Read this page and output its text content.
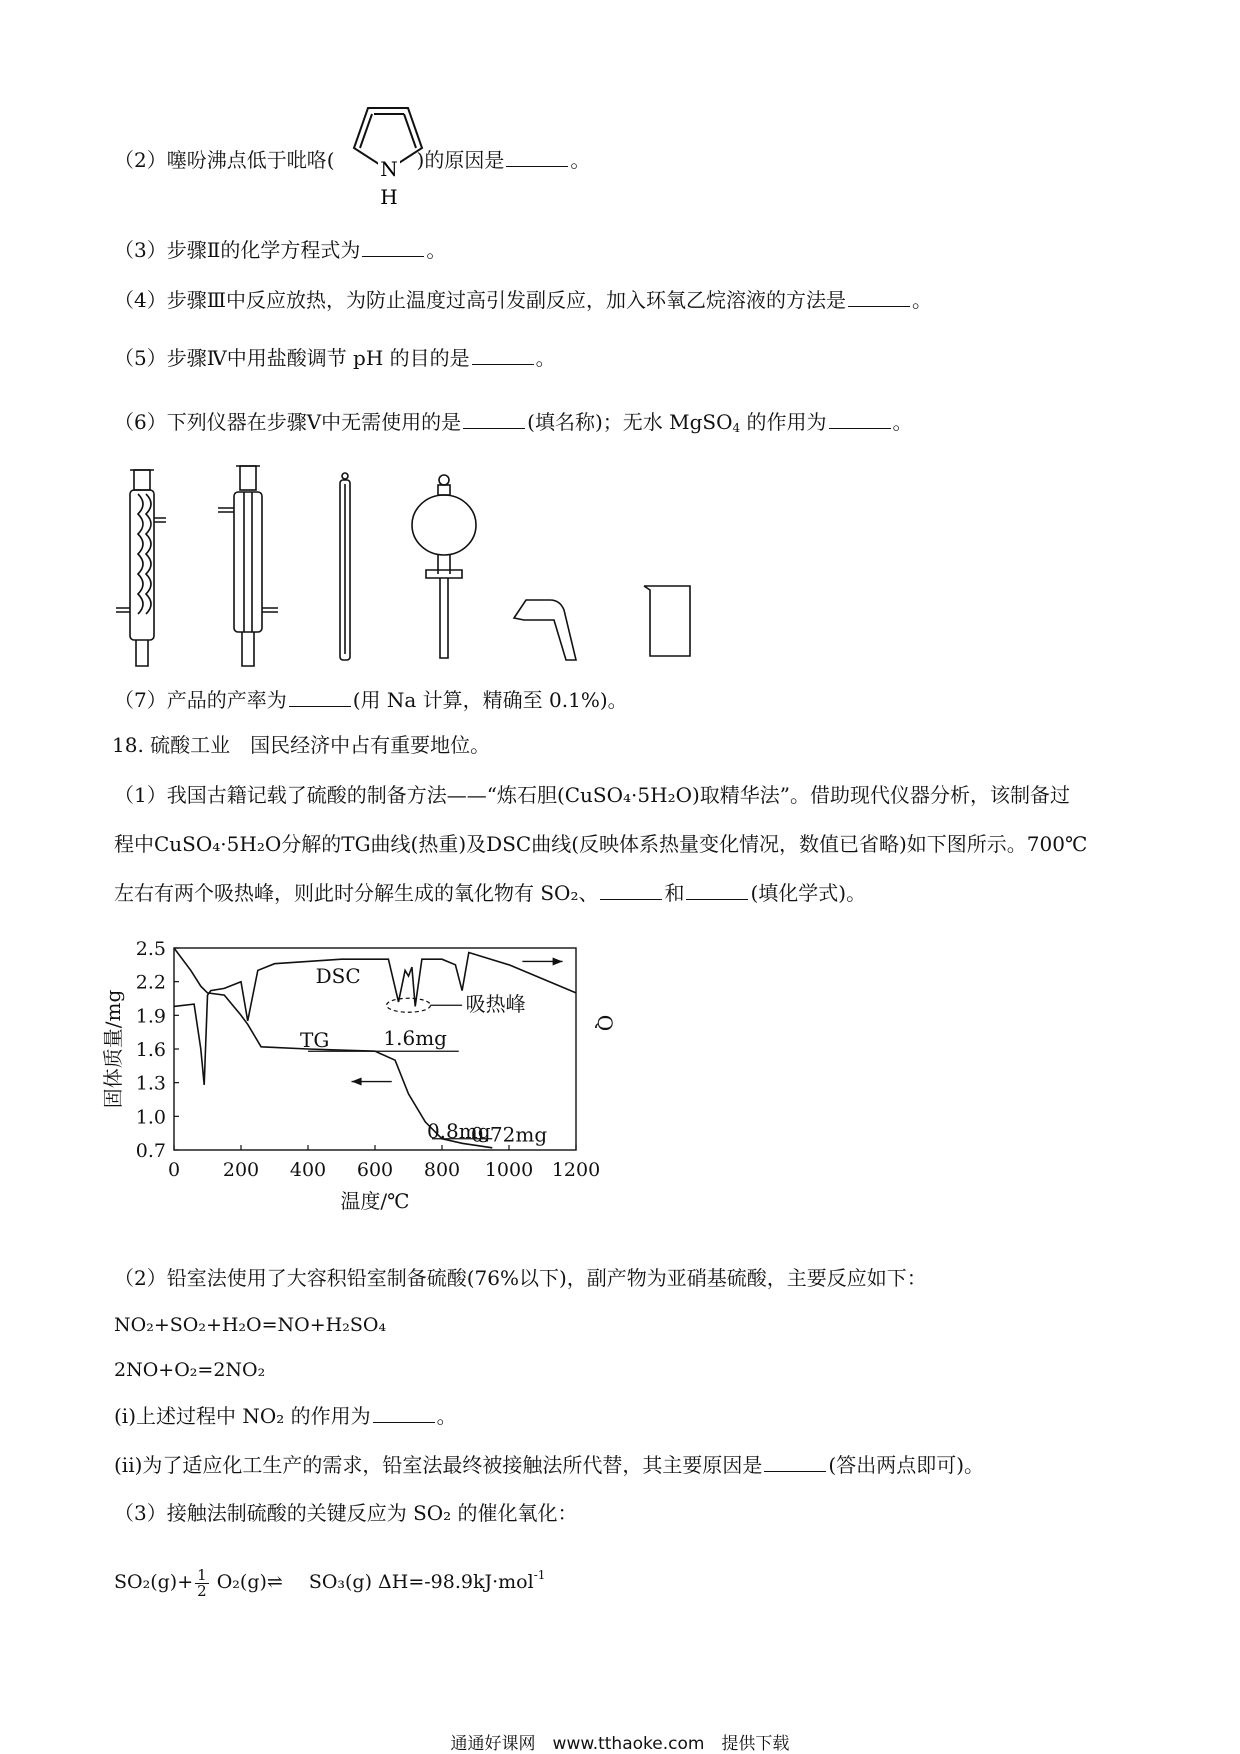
（2）噻吩沸点低于吡咯(	)的原因是	。
N
H
（3）步骤Ⅱ的化学方程式为	。
（4）步骤Ⅲ中反应放热，为防止温度过高引发副反应，加入环氧乙烷溶液的方法是	。
（5）步骤Ⅳ中用盐酸调节 pH 的目的是	。
（6）下列仪器在步骤Ⅴ中无需使用的是	(填名称)；无水 MgSO$_4$ 的作用为	。
（7）产品的产率为	(用 Na 计算，精确至 0.1%)。
18. 硫酸工业　国民经济中占有重要地位。
（1）我国古籍记载了硫酸的制备方法——“炼石胆(CuSO₄·5H₂O)取精华法”。借助现代仪器分析，该制备过
程中CuSO₄·5H₂O分解的TG曲线(热重)及DSC曲线(反映体系热量变化情况，数值已省略)如下图所示。700℃
左右有两个吸热峰，则此时分解生成的氧化物有 SO₂、	和	(填化学式)。
0 200 400 600 800 1000 1200
0.7
1.0
1.3
1.6
1.9
2.2
2.5
DSC
TG	1.6mg
0.8mg
0.72mg
吸热峰
温度/℃
固体质量/mg	Q
（2）铅室法使用了大容积铅室制备硫酸(76%以下)，副产物为亚硝基硫酸，主要反应如下：
NO₂+SO₂+H₂O=NO+H₂SO₄
2NO+O₂=2NO₂
(i)上述过程中 NO₂ 的作用为	。
(ii)为了适应化工生产的需求，铅室法最终被接触法所代替，其主要原因是	(答出两点即可)。
（3）接触法制硫酸的关键反应为 SO₂ 的催化氧化：
$SO_2(g)+ \frac{1}{2}$ O₂(g)⇌ SO₃(g) ΔH=-98.9kJ·mol$^{-1}$
通通好课网　www.tthaoke.com　提供下载
